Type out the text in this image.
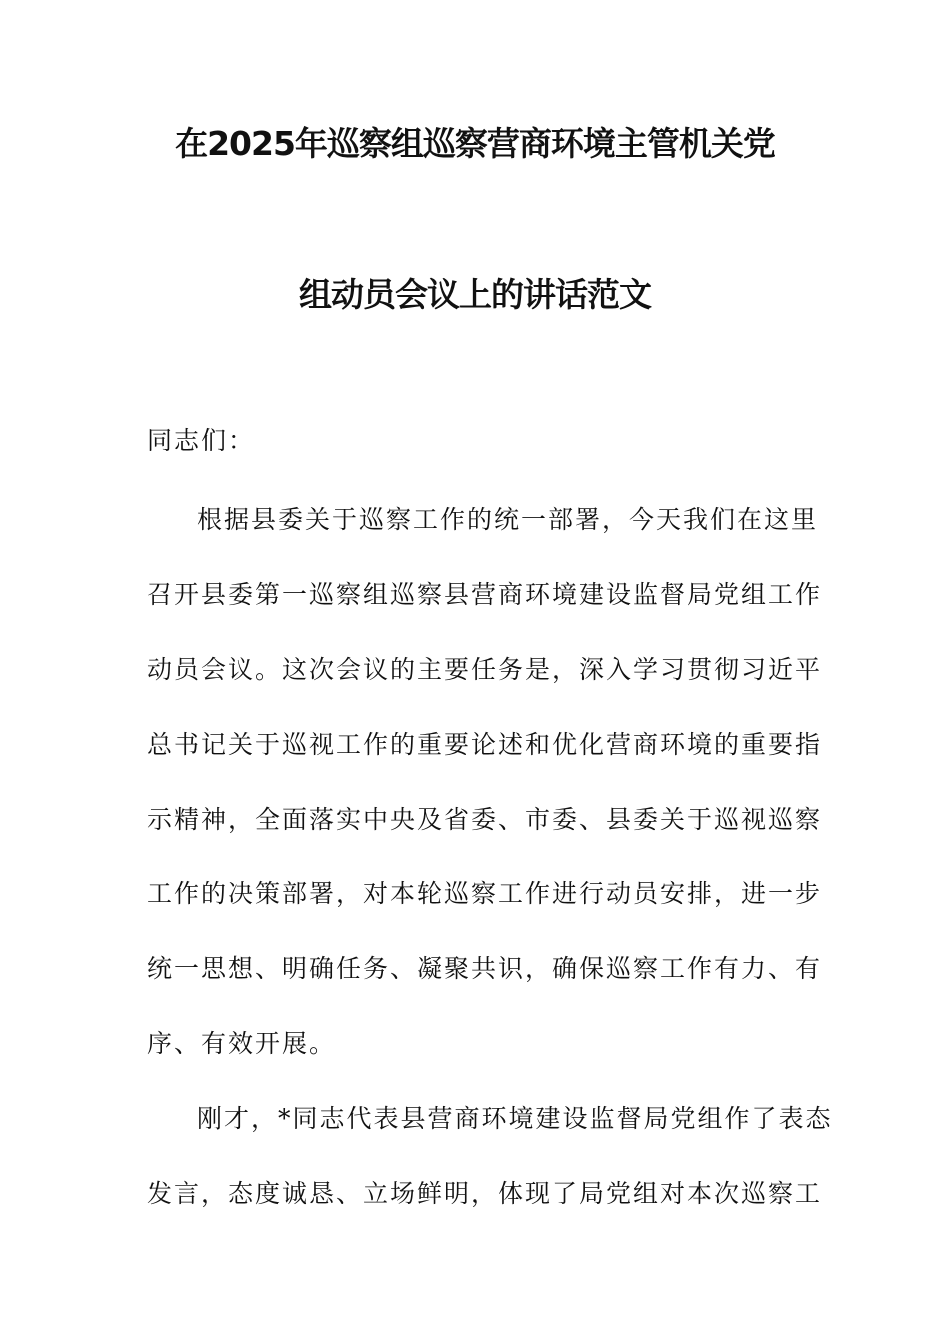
在2025年巡察组巡察营商环境主管机关党
组动员会议上的讲话范文
同志们：
根据县委关于巡察工作的统一部署，今天我们在这里
召开县委第一巡察组巡察县营商环境建设监督局党组工作
动员会议。这次会议的主要任务是，深入学习贯彻习近平
总书记关于巡视工作的重要论述和优化营商环境的重要指
示精神，全面落实中央及省委、市委、县委关于巡视巡察
工作的决策部署，对本轮巡察工作进行动员安排，进一步
统一思想、明确任务、凝聚共识，确保巡察工作有力、有
序、有效开展。
刚才，*同志代表县营商环境建设监督局党组作了表态
发言，态度诚恳、立场鲜明，体现了局党组对本次巡察工
